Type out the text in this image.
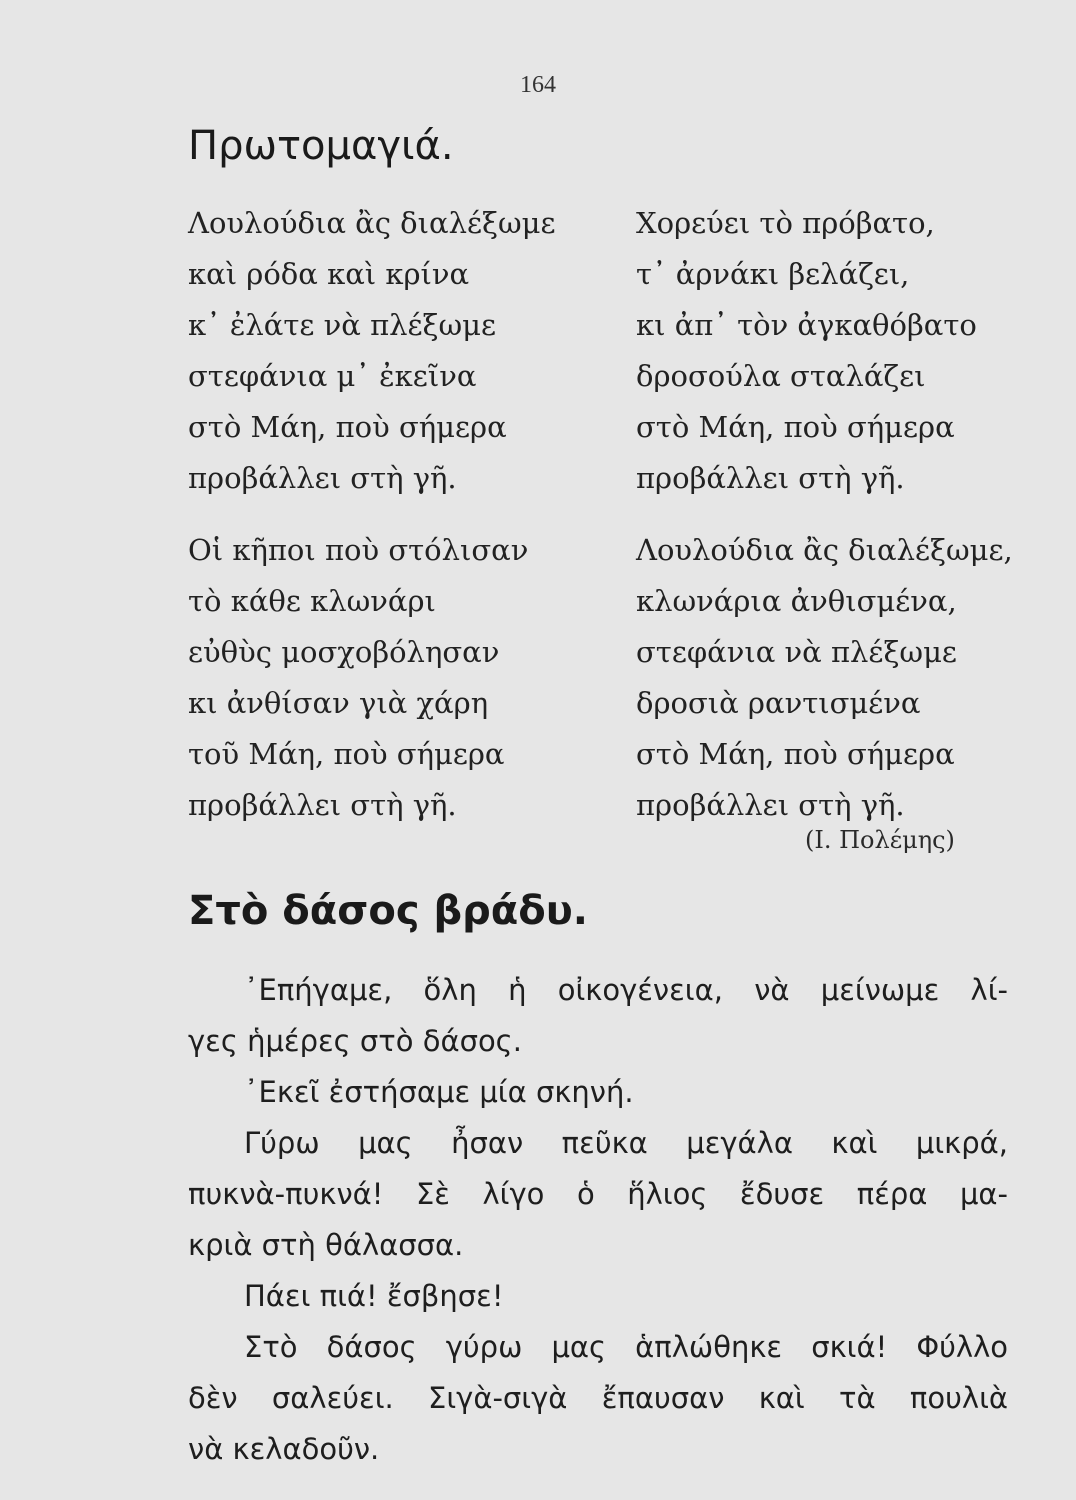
164
Πρωτομαγιά.
Λουλούδια ἂς διαλέξωμε
καὶ ρόδα καὶ κρίνα
κ᾽ ἐλάτε νὰ πλέξωμε
στεφάνια μ᾽ ἐκεῖνα
στὸ Μάη, ποὺ σήμερα
προβάλλει στὴ γῆ.
Χορεύει τὸ πρόβατο,
τ᾽ ἀρνάκι βελάζει,
κι ἀπ᾽ τὸν ἀγκαθόβατο
δροσούλα σταλάζει
στὸ Μάη, ποὺ σήμερα
προβάλλει στὴ γῆ.
Οἱ κῆποι ποὺ στόλισαν
τὸ κάθε κλωνάρι
εὐθὺς μοσχοβόλησαν
κι ἀνθίσαν γιὰ χάρη
τοῦ Μάη, ποὺ σήμερα
προβάλλει στὴ γῆ.
Λουλούδια ἂς διαλέξωμε,
κλωνάρια ἀνθισμένα,
στεφάνια νὰ πλέξωμε
δροσιὰ ραντισμένα
στὸ Μάη, ποὺ σήμερα
προβάλλει στὴ γῆ.
(Ι. Πολέμης)
Στὸ δάσος βράδυ.
᾽Επήγαμε, ὅλη ἡ οἰκογένεια, νὰ μείνωμε λί-
γες ἡμέρες στὸ δάσος.
᾽Εκεῖ ἐστήσαμε μία σκηνή.
Γύρω μας ἦσαν πεῦκα μεγάλα καὶ μικρά,
πυκνὰ-πυκνά! Σὲ λίγο ὁ ἥλιος ἔδυσε πέρα μα-
κριὰ στὴ θάλασσα.
Πάει πιά! ἔσβησε!
Στὸ δάσος γύρω μας ἁπλώθηκε σκιά! Φύλλο
δὲν σαλεύει. Σιγὰ-σιγὰ ἔπαυσαν καὶ τὰ πουλιὰ
νὰ κελαδοῦν.
